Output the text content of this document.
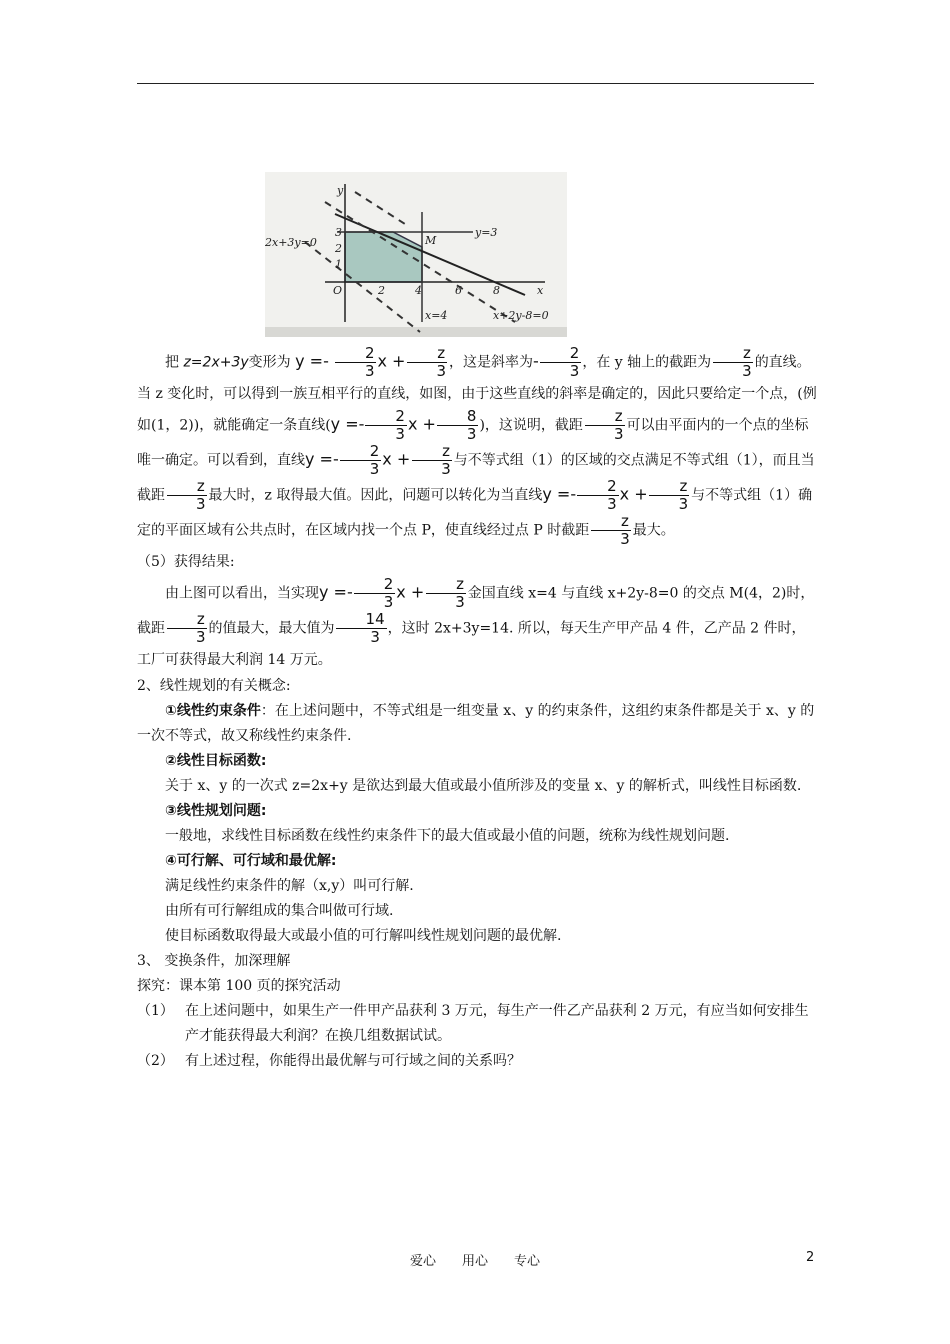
y
x
O
y=3
2x+3y=0
x=4	x+2y-8=0
M
2	4	6	8
1
2
3

把 z=2x+3y变形为 $y =- \frac{2}{3}$ $x + \frac{z}{3}$ ，这是斜率为- $\frac{2}{3}$ ，在 y 轴上的截距为 $\frac{z}{3}$ 的直线。当 z 变化时，可以得到一族互相平行的直线，如图，由于这些直线的斜率是确定的，因此只要给定一个点，(例如(1，2))，就能确定一条直线($y =- \frac{2}{3}$ $x + \frac{8}{3}$ )，这说明，截距 $\frac{z}{3}$ 可以由平面内的一个点的坐标唯一确定。可以看到，直线$y =- \frac{2}{3}$ $x + \frac{z}{3}$ 与不等式组（1）的区域的交点满足不等式组（1），而且当截距 $\frac{z}{3}$ 最大时，z 取得最大值。因此，问题可以转化为当直线$y =- \frac{2}{3}$ $x + \frac{z}{3}$ 与不等式组（1）确定的平面区域有公共点时，在区域内找一个点 P，使直线经过点 P 时截距 $\frac{z}{3}$ 最大。

（5）获得结果:

由上图可以看出，当实现$y =- \frac{2}{3}$ $x + \frac{z}{3}$ 金国直线 x=4 与直线 x+2y-8=0 的交点 M(4，2)时，截距 $\frac{z}{3}$ 的值最大，最大值为 $\frac{14}{3}$ ，这时 2x+3y=14. 所以，每天生产甲产品 4 件，乙产品 2 件时，工厂可获得最大利润 14 万元。

2、线性规划的有关概念:
①线性约束条件：在上述问题中，不等式组是一组变量 x、y 的约束条件，这组约束条件都是关于 x、y 的一次不等式，故又称线性约束条件.
②线性目标函数:
关于 x、y 的一次式 z=2x+y 是欲达到最大值或最小值所涉及的变量 x、y 的解析式，叫线性目标函数.
③线性规划问题:
一般地，求线性目标函数在线性约束条件下的最大值或最小值的问题，统称为线性规划问题.
④可行解、可行域和最优解:
满足线性约束条件的解（x,y）叫可行解.
由所有可行解组成的集合叫做可行域.
使目标函数取得最大或最小值的可行解叫线性规划问题的最优解.
3、 变换条件，加深理解
探究：课本第 100 页的探究活动
（1） 在上述问题中，如果生产一件甲产品获利 3 万元，每生产一件乙产品获利 2 万元，有应当如何安排生产才能获得最大利润？在换几组数据试试。
（2） 有上述过程，你能得出最优解与可行域之间的关系吗？
爱心　　用心　　专心	2
